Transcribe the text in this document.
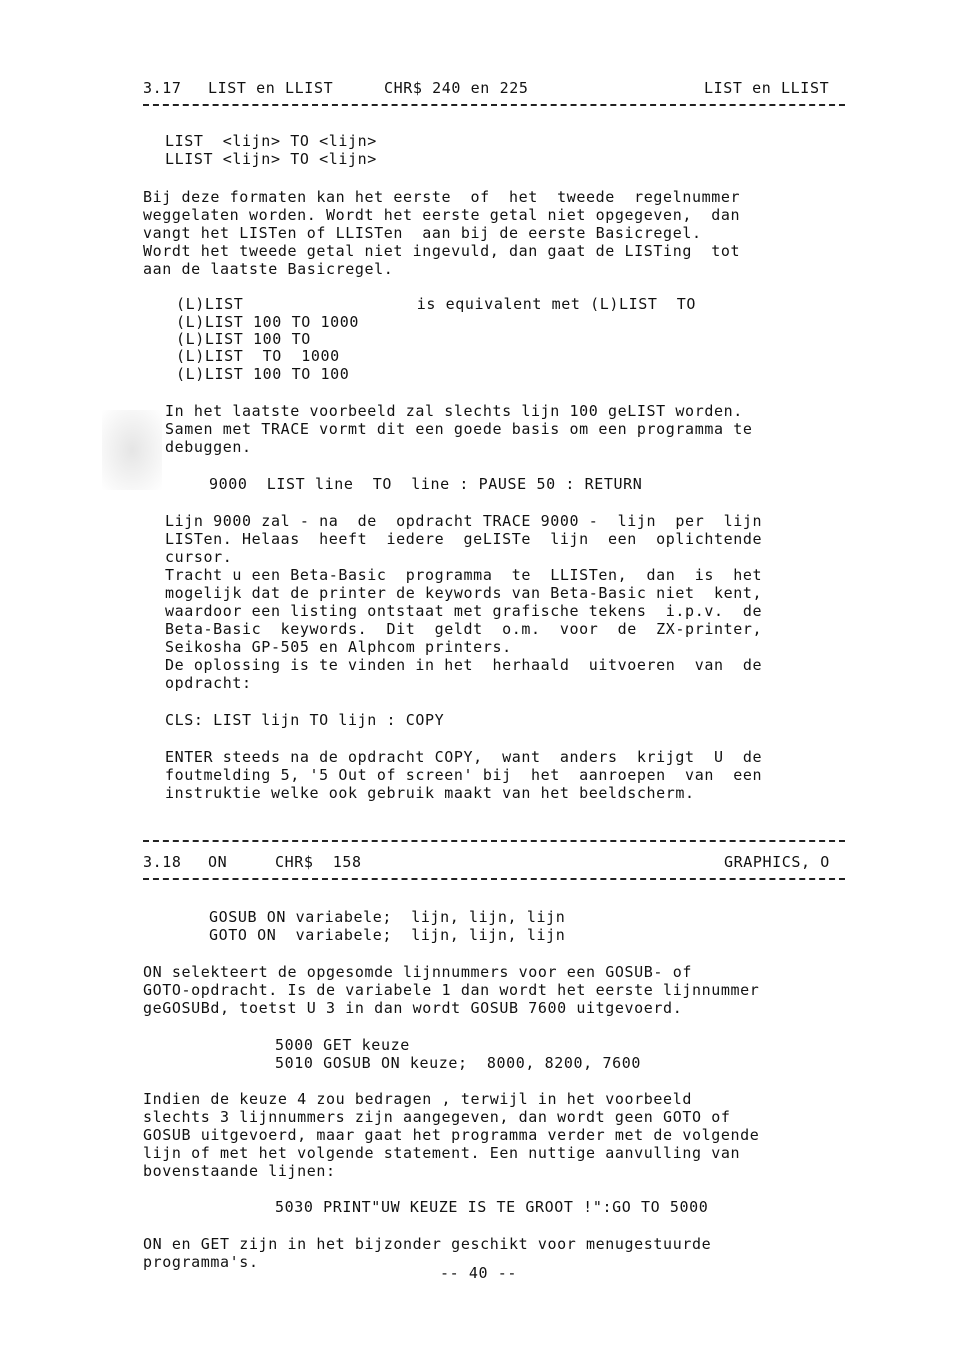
3.17 LIST en LLIST	CHR$ 240 en 225	LIST en LLIST
LIST  <lijn> TO <lijn>
LLIST <lijn> TO <lijn>
Bij deze formaten kan het eerste  of  het  tweede  regelnummer
weggelaten worden. Wordt het eerste getal niet opgegeven,  dan
vangt het LISTen of LLISTen  aan bij de eerste Basicregel.
Wordt het tweede getal niet ingevuld, dan gaat de LISTing  tot
aan de laatste Basicregel.
(L)LIST                  is equivalent met (L)LIST  TO
(L)LIST 100 TO 1000
(L)LIST 100 TO
(L)LIST  TO  1000
(L)LIST 100 TO 100
In het laatste voorbeeld zal slechts lijn 100 geLIST worden.
Samen met TRACE vormt dit een goede basis om een programma te
debuggen.
9000  LIST line  TO  line : PAUSE 50 : RETURN
Lijn 9000 zal - na  de  opdracht TRACE 9000 -  lijn  per  lijn
LISTen. Helaas  heeft  iedere  geLISTe  lijn  een  oplichtende
cursor.
Tracht u een Beta-Basic  programma  te  LLISTen,  dan  is  het
mogelijk dat de printer de keywords van Beta-Basic niet  kent,
waardoor een listing ontstaat met grafische tekens  i.p.v.  de
Beta-Basic  keywords.  Dit  geldt  o.m.  voor  de  ZX-printer,
Seikosha GP-505 en Alphcom printers.
De oplossing is te vinden in het  herhaald  uitvoeren  van  de
opdracht:
CLS: LIST lijn TO lijn : COPY
ENTER steeds na de opdracht COPY,  want  anders  krijgt  U  de
foutmelding 5, '5 Out of screen' bij  het  aanroepen  van  een
instruktie welke ook gebruik maakt van het beeldscherm.
3.18 ON	CHR$  158	GRAPHICS, O
GOSUB ON variabele;  lijn, lijn, lijn
GOTO ON  variabele;  lijn, lijn, lijn
ON selekteert de opgesomde lijnnummers voor een GOSUB- of
GOTO-opdracht. Is de variabele 1 dan wordt het eerste lijnnummer
geGOSUBd, toetst U 3 in dan wordt GOSUB 7600 uitgevoerd.
5000 GET keuze
5010 GOSUB ON keuze;  8000, 8200, 7600
Indien de keuze 4 zou bedragen , terwijl in het voorbeeld
slechts 3 lijnnummers zijn aangegeven, dan wordt geen GOTO of
GOSUB uitgevoerd, maar gaat het programma verder met de volgende
lijn of met het volgende statement. Een nuttige aanvulling van
bovenstaande lijnen:
5030 PRINT"UW KEUZE IS TE GROOT !":GO TO 5000
ON en GET zijn in het bijzonder geschikt voor menugestuurde
programma's.
-- 40 --
